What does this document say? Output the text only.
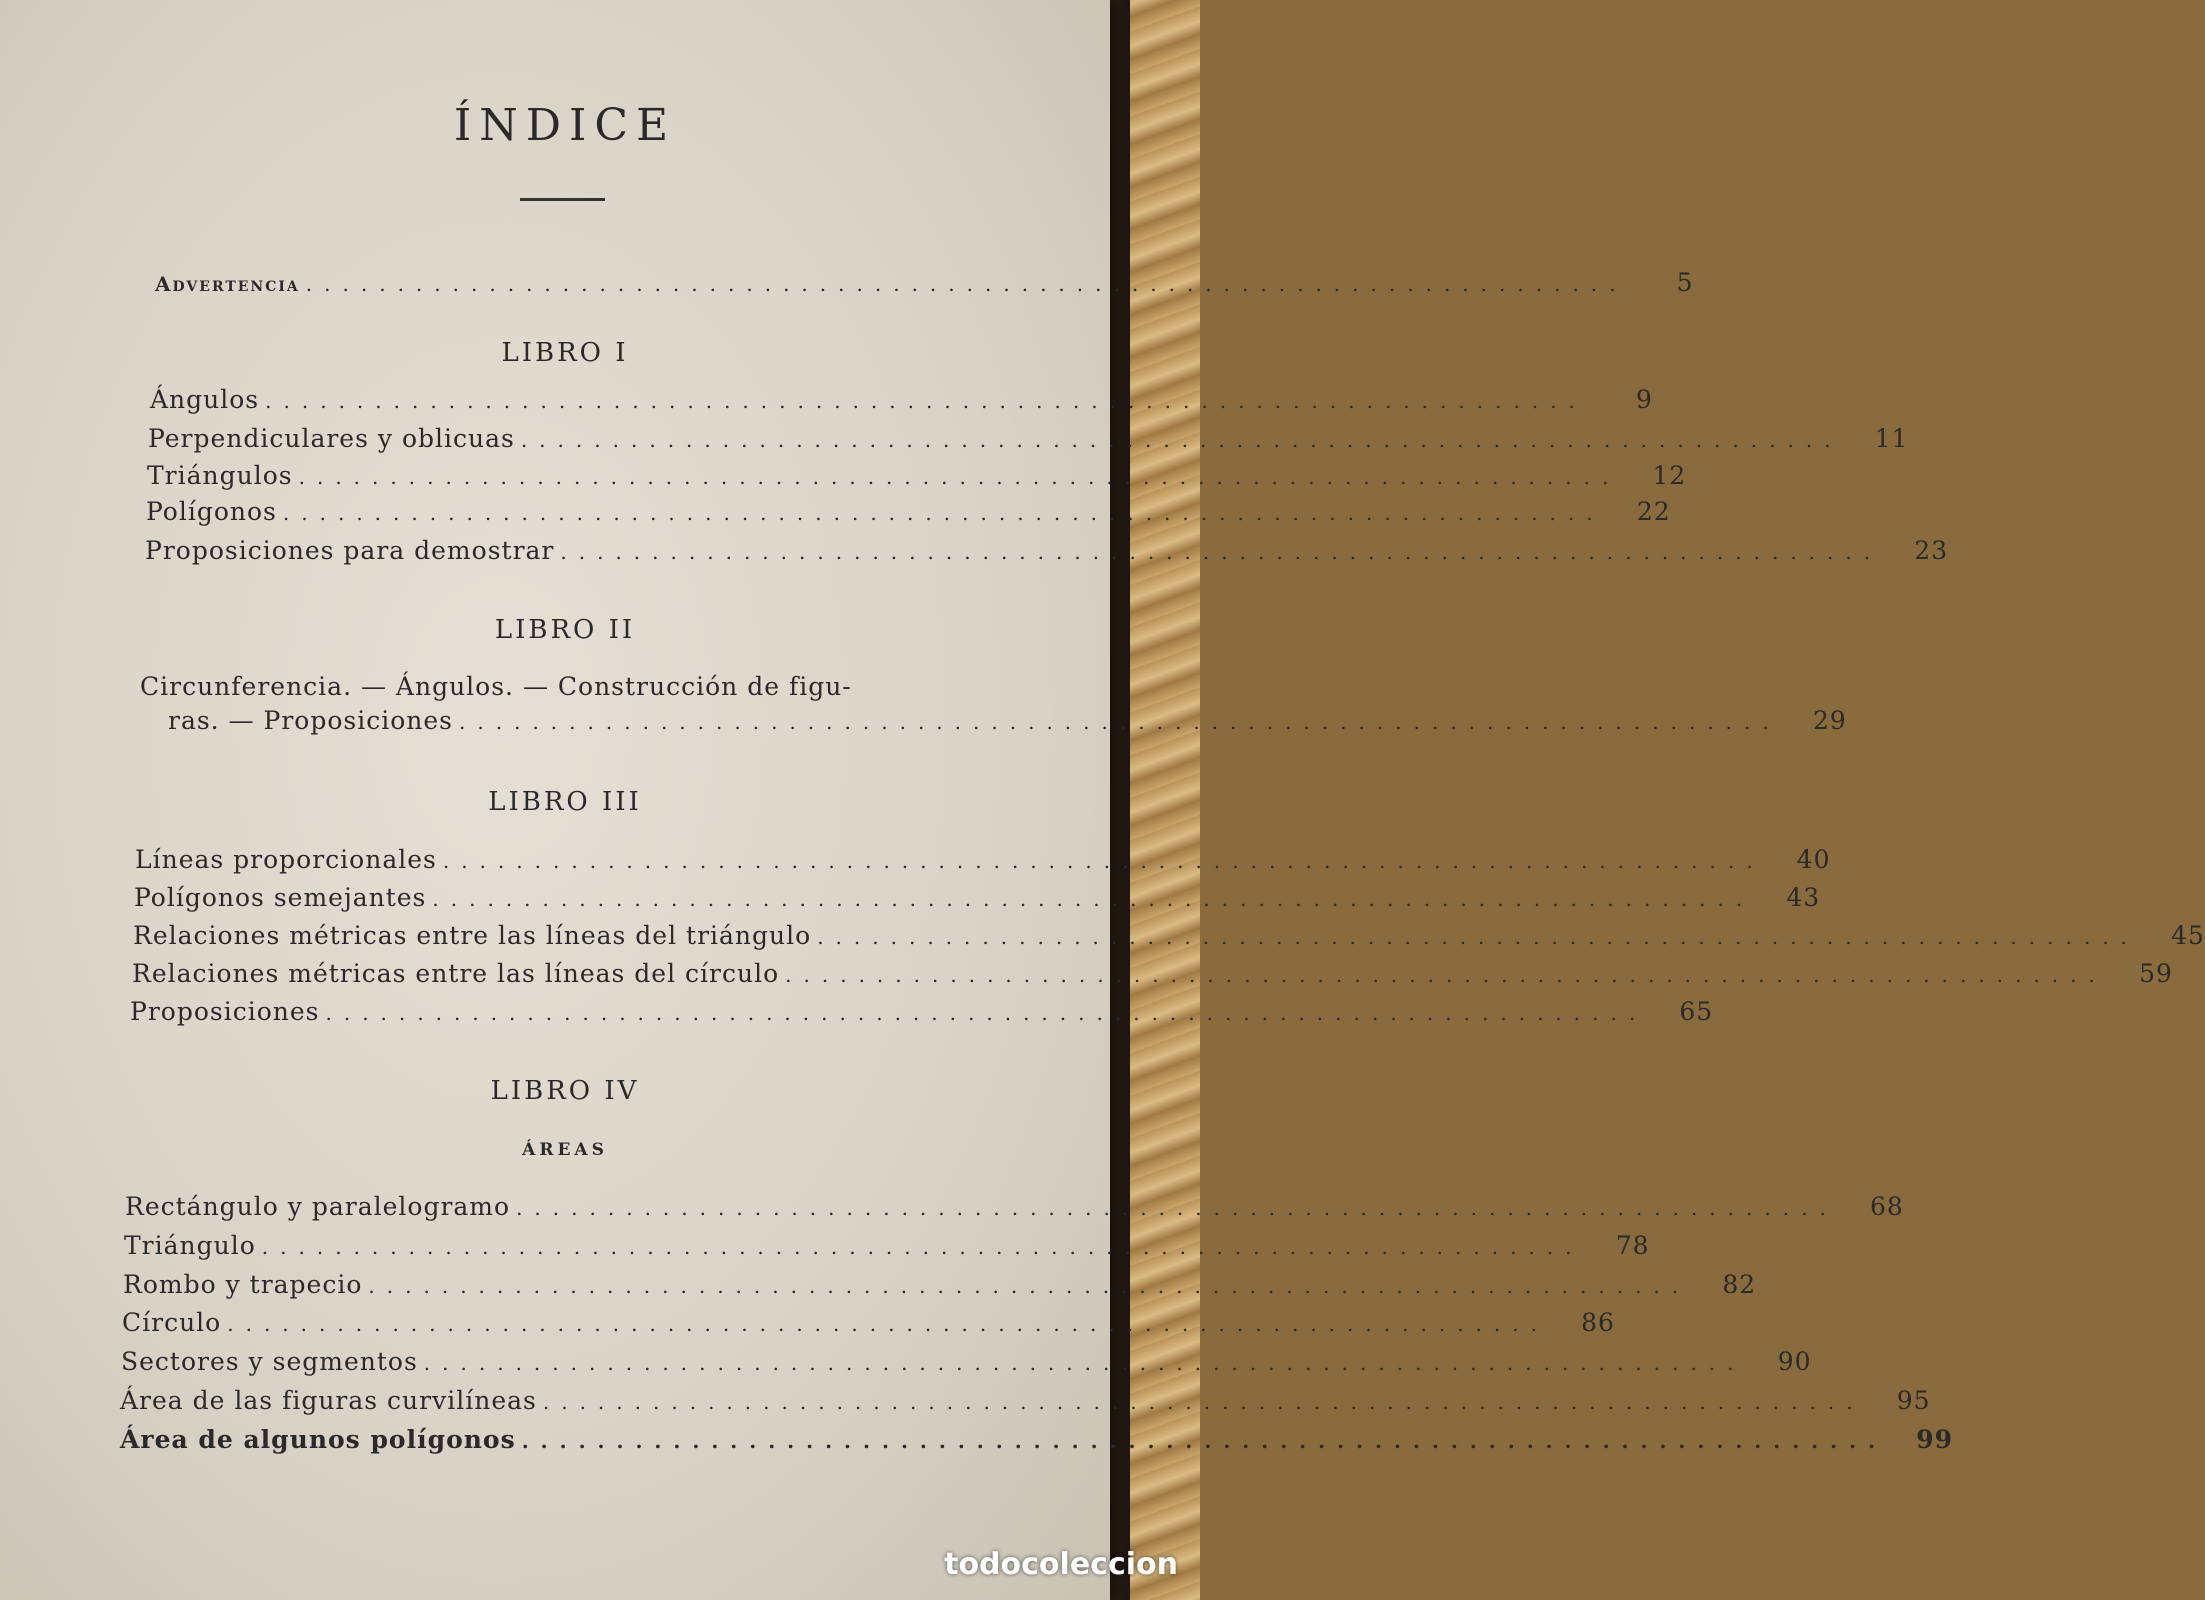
ÍNDICE
Advertencia ........................................................................	5
LIBRO I
Ángulos ........................................................................	9
Perpendiculares y oblicuas ........................................................................	11
Triángulos ........................................................................	12
Polígonos ........................................................................	22
Proposiciones para demostrar ........................................................................	23
LIBRO II
Circunferencia. — Ángulos. — Construcción de figu-
ras. — Proposiciones ........................................................................	29
LIBRO III
Líneas proporcionales ........................................................................	40
Polígonos semejantes ........................................................................	43
Relaciones métricas entre las líneas del triángulo ........................................................................	45
Relaciones métricas entre las líneas del círculo ........................................................................	59
Proposiciones ........................................................................	65
LIBRO IV
ÁREAS
Rectángulo y paralelogramo ........................................................................	68
Triángulo ........................................................................	78
Rombo y trapecio ........................................................................	82
Círculo ........................................................................	86
Sectores y segmentos ........................................................................	90
Área de las figuras curvilíneas ........................................................................	95
Área de algunos polígonos ........................................................................	99
todocoleccion
